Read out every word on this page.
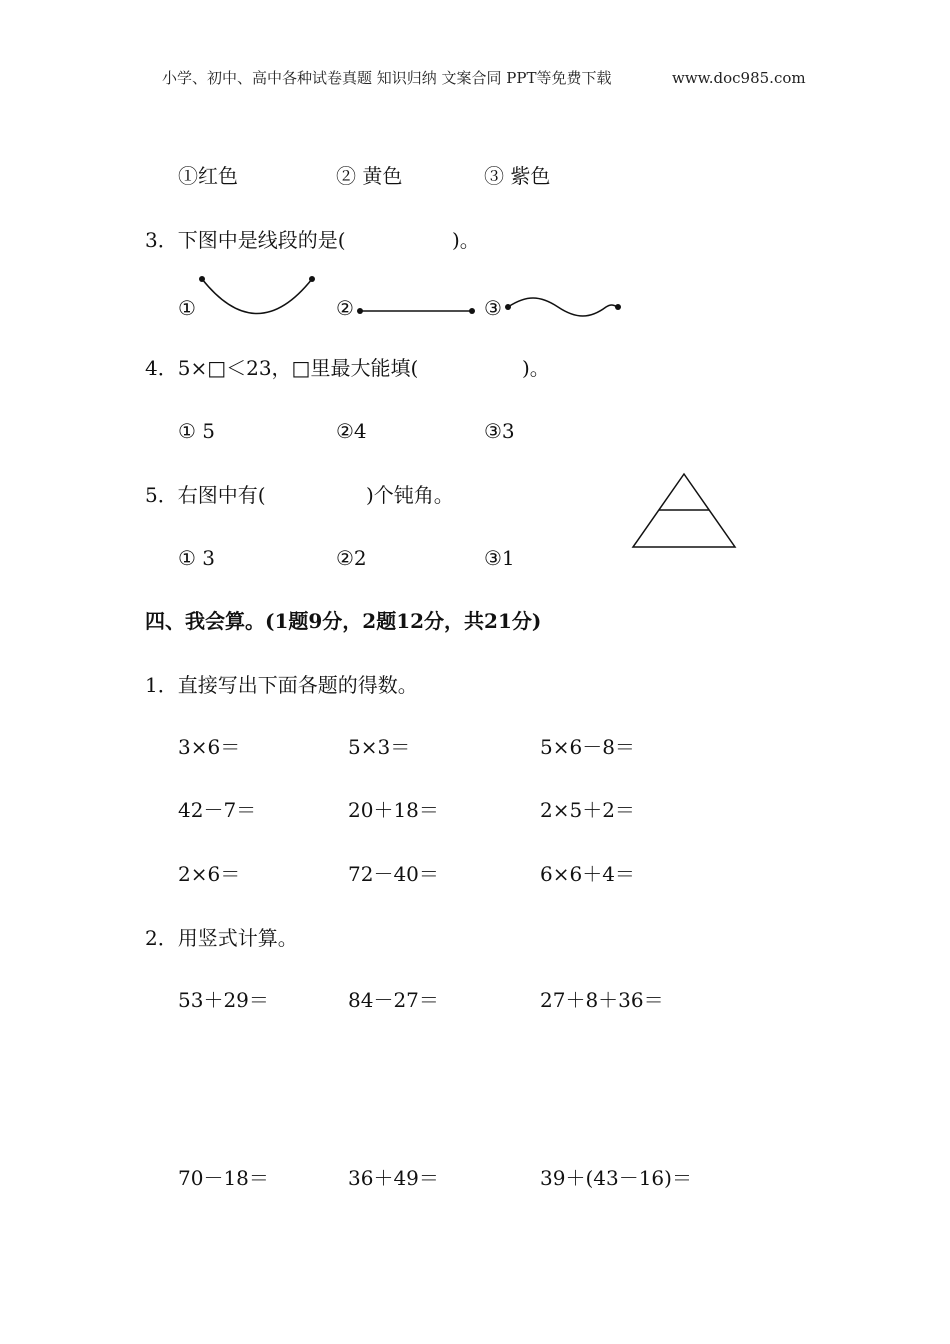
小学、初中、高中各种试卷真题 知识归纳 文案合同 PPT等免费下载	www.doc985.com
①红色	② 黄色	③ 紫色
3．下图中是线段的是(	)。
①	②	③
4．5×□＜23，□里最大能填(	)。
① 5	②4	③3
5．右图中有(	)个钝角。
① 3	②2	③1
四、我会算。(1题9分，2题12分，共21分)
1．直接写出下面各题的得数。
3×6＝	5×3＝	5×6－8＝
42－7＝	20＋18＝	2×5＋2＝
2×6＝	72－40＝	6×6＋4＝
2．用竖式计算。
53＋29＝	84－27＝	27＋8＋36＝
70－18＝	36＋49＝	39＋(43－16)＝
